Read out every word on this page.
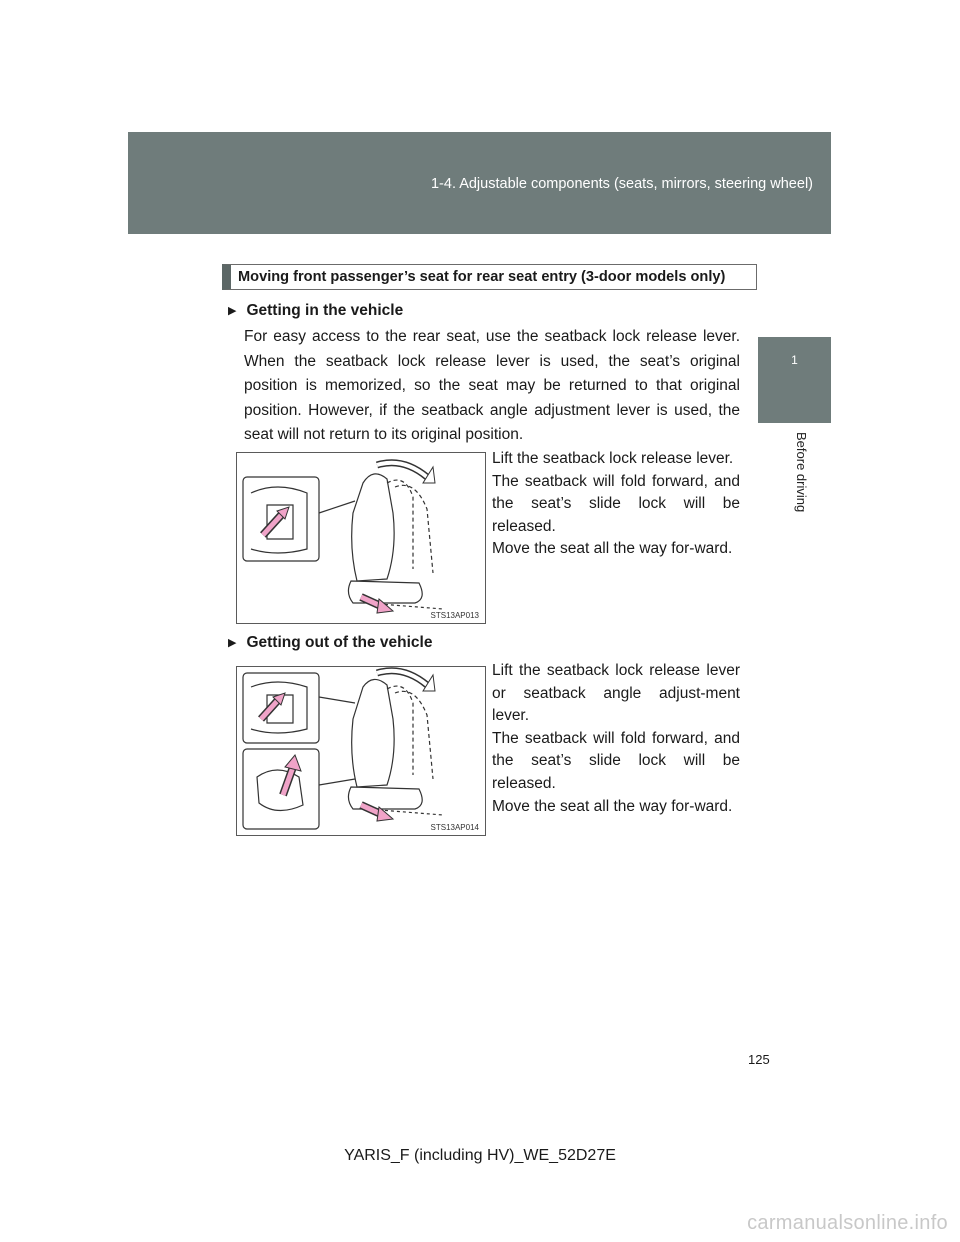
1-4. Adjustable components (seats, mirrors, steering wheel)
1
Before driving
Moving front passenger’s seat for rear seat entry (3-door models only)
▶ Getting in the vehicle
For easy access to the rear seat, use the seatback lock release lever. When the seatback lock release lever is used, the seat’s original position is memorized, so the seat may be returned to that original position. However, if the seatback angle adjustment lever is used, the seat will not return to its original position.
STS13AP013

Lift the seatback lock release lever.

The seatback will fold forward, and the seat’s slide lock will be released.

Move the seat all the way for-ward.

▶ Getting out of the vehicle
STS13AP014

Lift the seatback lock release lever or seatback angle adjust-ment lever.

The seatback will fold forward, and the seat’s slide lock will be released.

Move the seat all the way for-ward.

125
YARIS_F (including HV)_WE_52D27E
carmanualsonline.info
